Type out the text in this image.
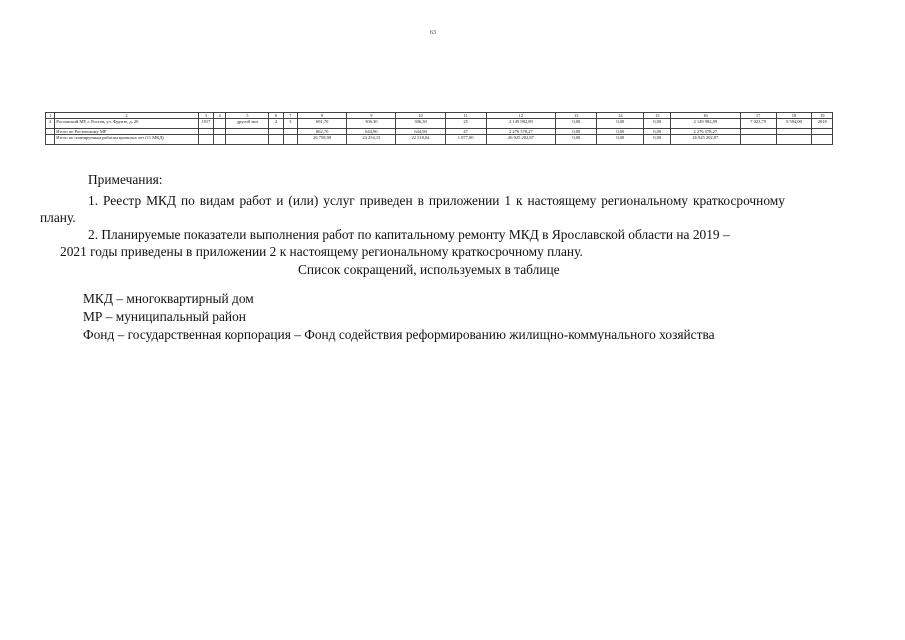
63
1	2	3	4	5	6	7	8	9	10	11	12	13	14	15	16	17	18	19
2	Ростовский МР, г. Ростов, ул. Фрунзе, д. 20	1917		другой тип	2	3	691,70	306,30	306,30	25	2 149 982,89	0,00	0,00	0,00	2 149 982,89	7 023,79	9 594,00	2018
	Итого по Ростовскому МР						862,70	644,90	644,90	47	2 276 578,27	0,00	0,00	0,00	2 276 578,27			
	Итого по планируемым работам прошлых лет (11 МКД)						26 758,90	24 254,15	22 318,04	1 077,00	26 925 202,87	0,00	0,00	0,00	26 925 202,87			
Примечания:
1. Реестр МКД по видам работ и (или) услуг приведен в приложении 1 к настоящему региональному краткосрочному
плану.
2. Планируемые показатели выполнения работ по капитальному ремонту МКД в Ярославской области на 2019 –
2021 годы приведены в приложении 2 к настоящему региональному краткосрочному плану.
Список сокращений, используемых в таблице
МКД – многоквартирный дом
МР – муниципальный район
Фонд – государственная корпорация – Фонд содействия реформированию жилищно-коммунального хозяйства
